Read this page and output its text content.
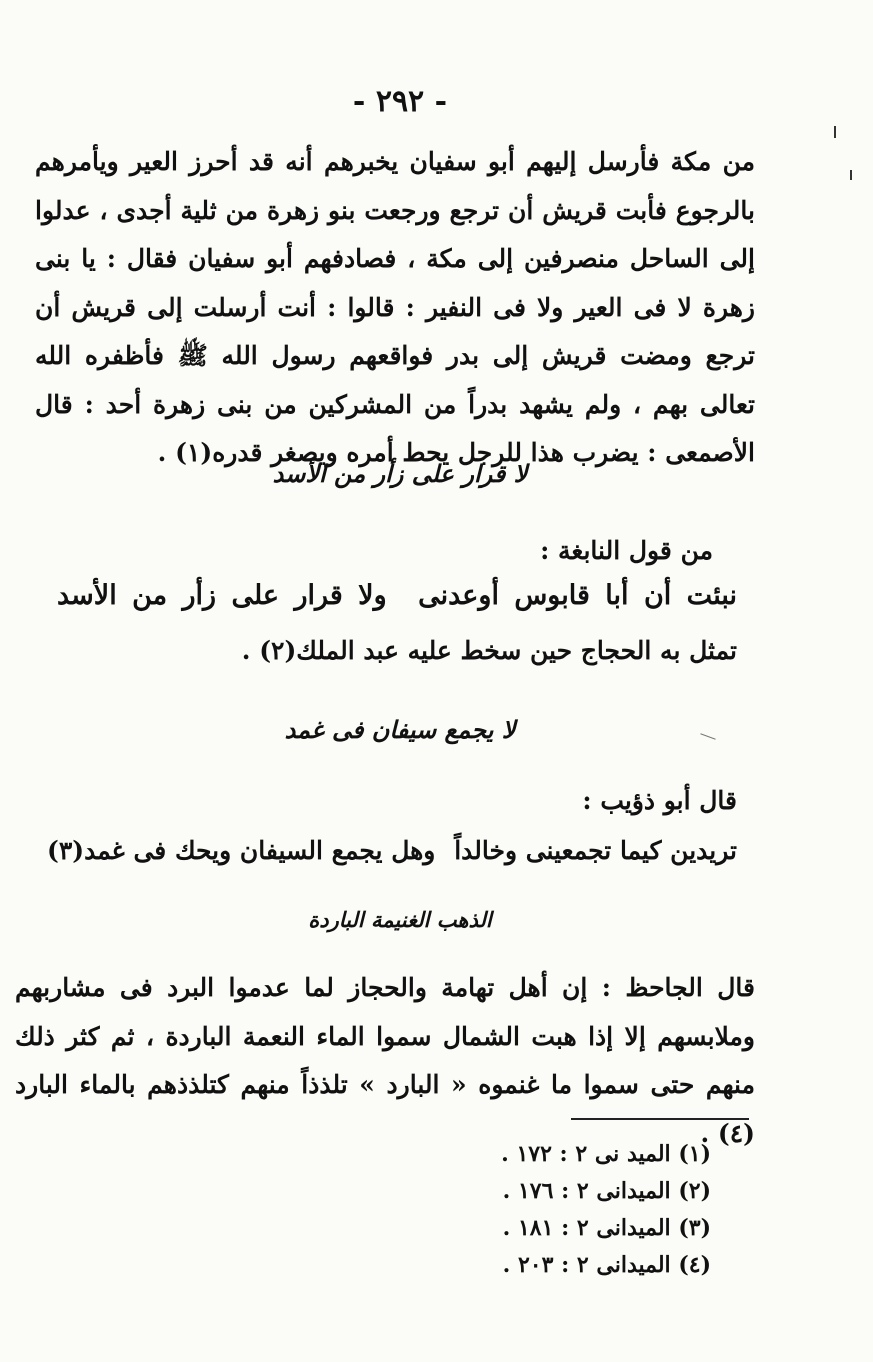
- ٢٩٢ -
من مكة فأرسل إليهم أبو سفيان يخبرهم أنه قد أحرز العير ويأمرهم بالرجوع فأبت قريش أن ترجع ورجعت بنو زهرة من ثلية أجدى ، عدلوا إلى الساحل منصرفين إلى مكة ، فصادفهم أبو سفيان فقال : يا بنى زهرة لا فى العير ولا فى النفير : قالوا : أنت أرسلت إلى قريش أن ترجع ومضت قريش إلى بدر فواقعهم رسول الله ﷺ فأظفره الله تعالى بهم ، ولم يشهد بدراً من المشركين من بنى زهرة أحد : قال الأصمعى : يضرب هذا للرجل يحط أمره ويصغر قدره(١) .
لا قرار على زأر من الأسد
من قول النابغة :
نبئت أن أبا قابوس أوعدنى
ولا قرار على زأر من الأسد
تمثل به الحجاج حين سخط عليه عبد الملك(٢) .
لا يجمع سيفان فى غمد
قال أبو ذؤيب :
تريدين كيما تجمعينى وخالداً
وهل يجمع السيفان ويحك فى غمد(٣)
الذهب الغنيمة الباردة
قال الجاحظ : إن أهل تهامة والحجاز لما عدموا البرد فى مشاربهم وملابسهم إلا إذا هبت الشمال سموا الماء النعمة الباردة ، ثم كثر ذلك منهم حتى سموا ما غنموه « البارد » تلذذاً منهم كتلذذهم بالماء البارد (٤) .
(١) الميد نى ٢ : ١٧٢ .
(٢) الميدانى ٢ : ١٧٦ .
(٣) الميدانى ٢ : ١٨١ .
(٤) الميدانى ٢ : ٢٠٣ .
